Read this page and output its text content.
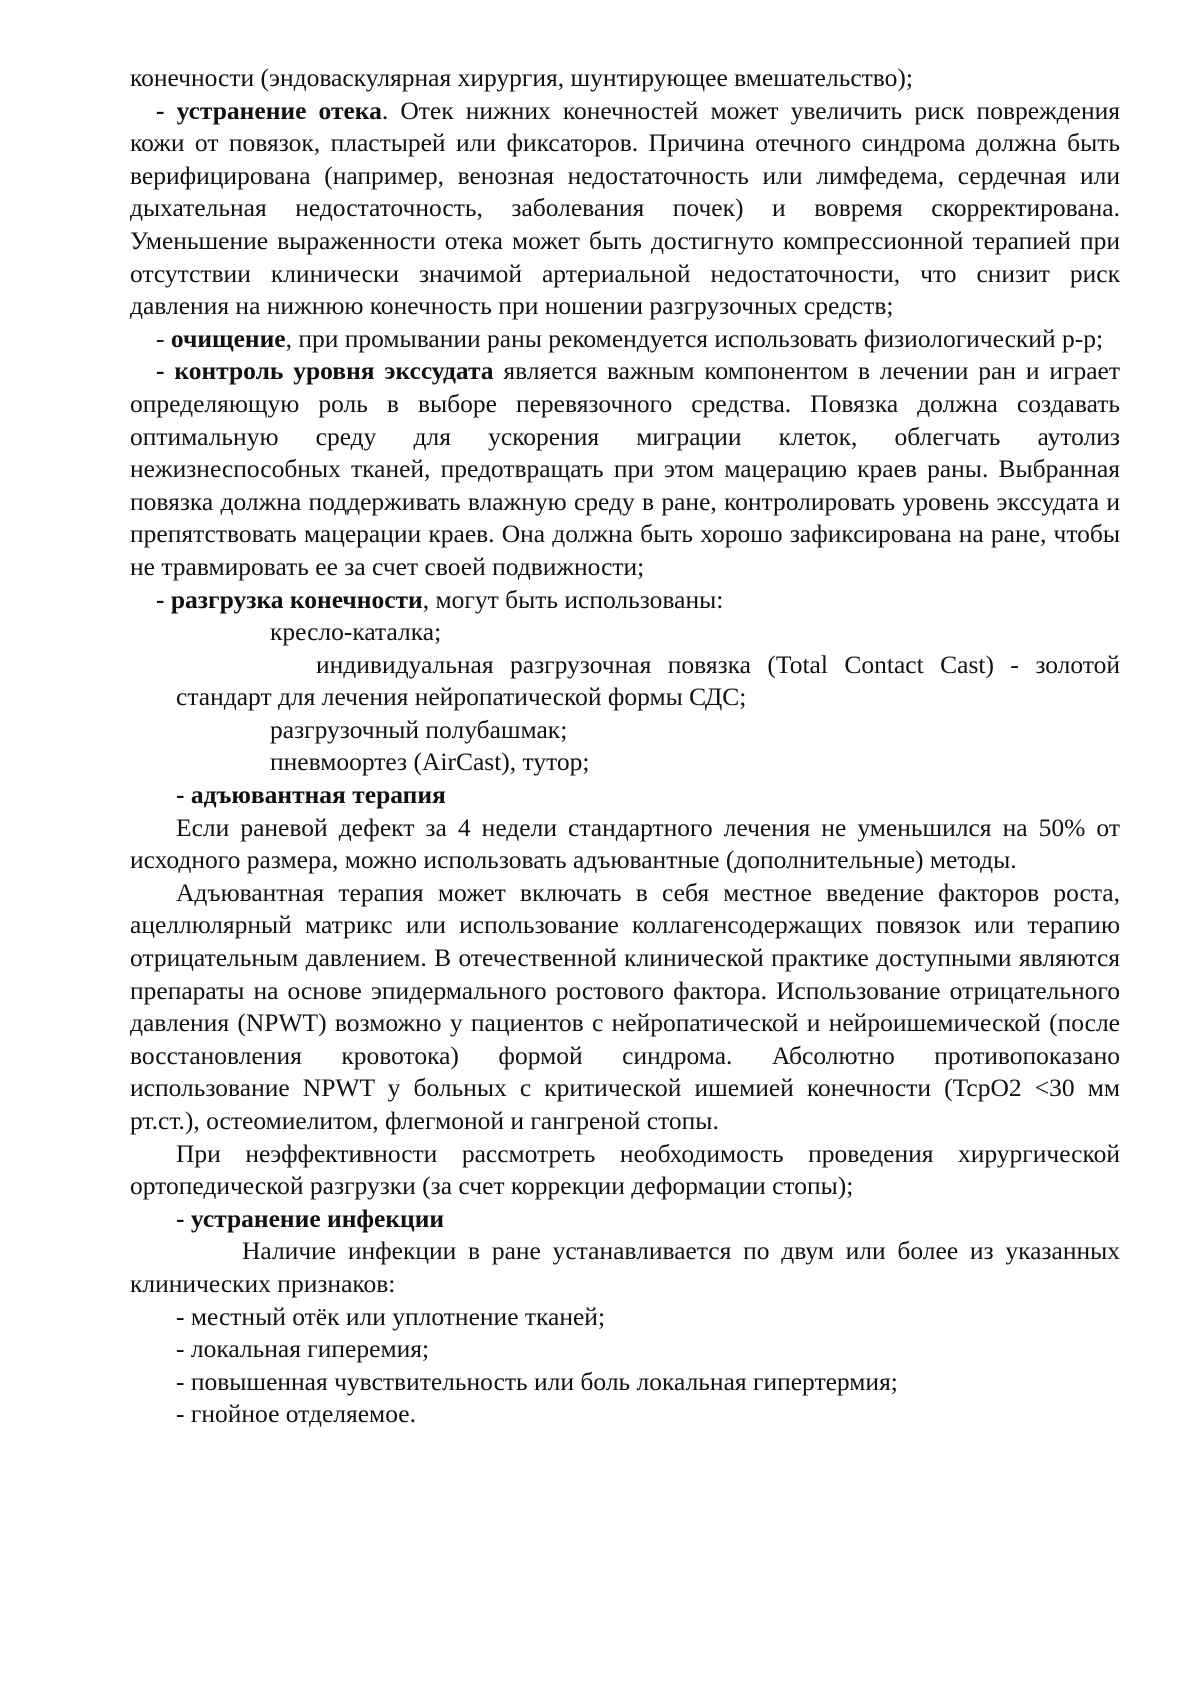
конечности (эндоваскулярная хирургия, шунтирующее вмешательство);

- устранение отека. Отек нижних конечностей может увеличить риск повреждения кожи от повязок, пластырей или фиксаторов. Причина отечного синдрома должна быть верифицирована (например, венозная недостаточность или лимфедема, сердечная или дыхательная недостаточность, заболевания почек) и вовремя скорректирована. Уменьшение выраженности отека может быть достигнуто компрессионной терапией при отсутствии клинически значимой артериальной недостаточности, что снизит риск давления на нижнюю конечность при ношении разгрузочных средств;

- очищение, при промывании раны рекомендуется использовать физиологический р-р;

- контроль уровня экссудата является важным компонентом в лечении ран и играет определяющую роль в выборе перевязочного средства. Повязка должна создавать оптимальную среду для ускорения миграции клеток, облегчать аутолиз нежизнеспособных тканей, предотвращать при этом мацерацию краев раны. Выбранная повязка должна поддерживать влажную среду в ране, контролировать уровень экссудата и препятствовать мацерации краев. Она должна быть хорошо зафиксирована на ране, чтобы не травмировать ее за счет своей подвижности;

- разгрузка конечности, могут быть использованы:

кресло-каталка;

индивидуальная разгрузочная повязка (Total Contact Cast) - золотой стандарт для лечения нейропатической формы СДС;

разгрузочный полубашмак;

пневмоортез (AirCast), тутор;

- адъювантная терапия

Если раневой дефект за 4 недели стандартного лечения не уменьшился на 50% от исходного размера, можно использовать адъювантные (дополнительные) методы.

Адъювантная терапия может включать в себя местное введение факторов роста, ацеллюлярный матрикс или использование коллагенсодержащих повязок или терапию отрицательным давлением. В отечественной клинической практике доступными являются препараты на основе эпидермального ростового фактора. Использование отрицательного давления (NPWT) возможно у пациентов с нейропатической и нейроишемической (после восстановления кровотока) формой синдрома. Абсолютно противопоказано использование NPWT у больных с критической ишемией конечности (TcpO2 <30 мм рт.ст.), остеомиелитом, флегмоной и гангреной стопы.

При неэффективности рассмотреть необходимость проведения хирургической ортопедической разгрузки (за счет коррекции деформации стопы);

- устранение инфекции

Наличие инфекции в ране устанавливается по двум или более из указанных клинических признаков:

- местный отёк или уплотнение тканей;

- локальная гиперемия;

- повышенная чувствительность или боль локальная гипертермия;

- гнойное отделяемое.
